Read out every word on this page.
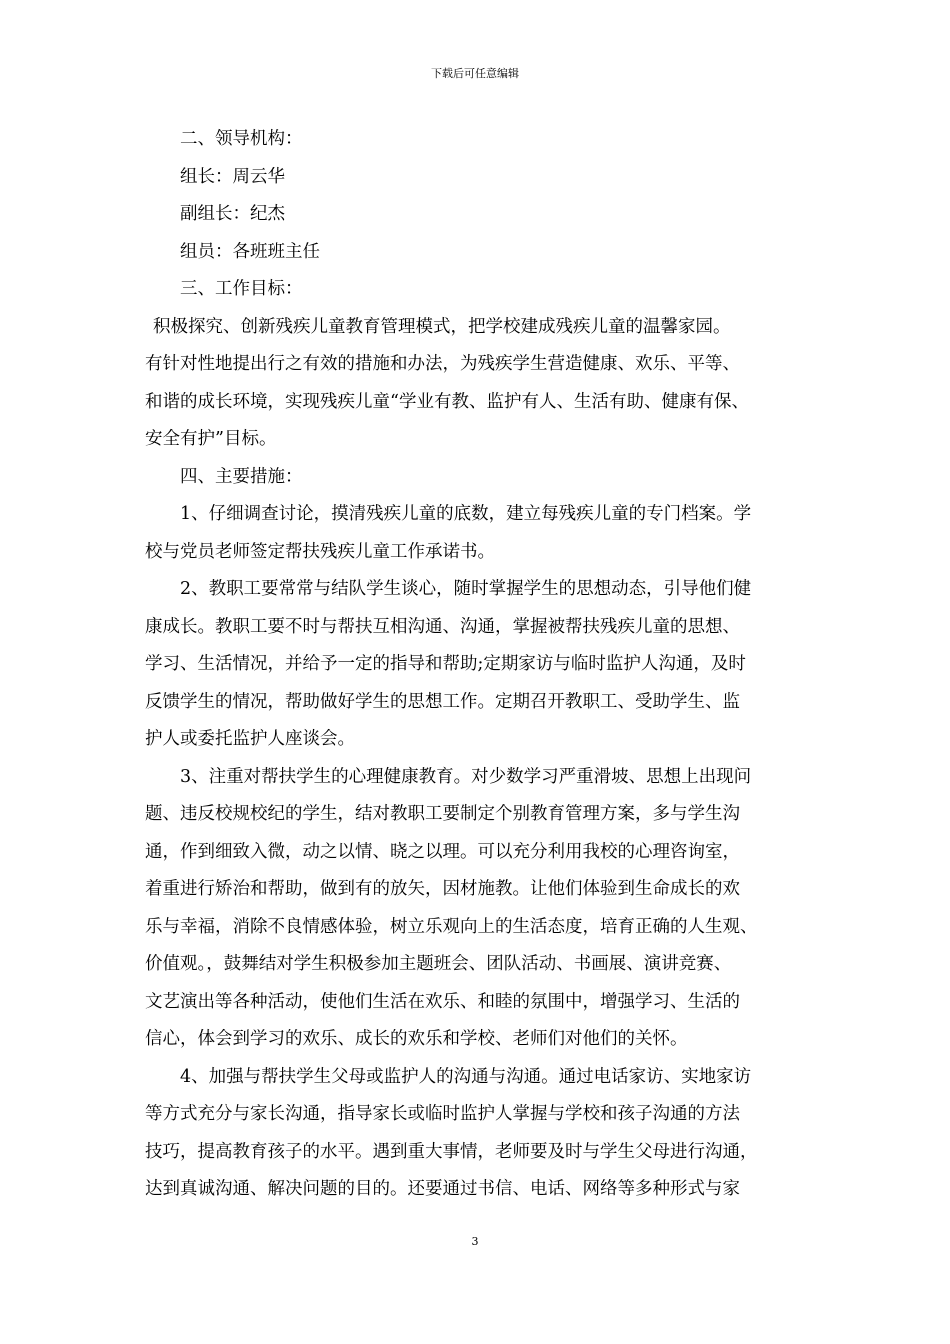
下载后可任意编辑
二、领导机构：
组长：周云华
副组长：纪杰
组员：各班班主任
三、工作目标：
积极探究、创新残疾儿童教育管理模式，把学校建成残疾儿童的温馨家园。
有针对性地提出行之有效的措施和办法，为残疾学生营造健康、欢乐、平等、
和谐的成长环境，实现残疾儿童“学业有教、监护有人、生活有助、健康有保、
安全有护”目标。
四、主要措施：
1、仔细调查讨论，摸清残疾儿童的底数，建立每残疾儿童的专门档案。学
校与党员老师签定帮扶残疾儿童工作承诺书。
2、教职工要常常与结队学生谈心，随时掌握学生的思想动态，引导他们健
康成长。教职工要不时与帮扶互相沟通、沟通，掌握被帮扶残疾儿童的思想、
学习、生活情况，并给予一定的指导和帮助;定期家访与临时监护人沟通，及时
反馈学生的情况，帮助做好学生的思想工作。定期召开教职工、受助学生、监
护人或委托监护人座谈会。
3、注重对帮扶学生的心理健康教育。对少数学习严重滑坡、思想上出现问
题、违反校规校纪的学生，结对教职工要制定个别教育管理方案，多与学生沟
通，作到细致入微，动之以情、晓之以理。可以充分利用我校的心理咨询室，
着重进行矫治和帮助，做到有的放矢，因材施教。让他们体验到生命成长的欢
乐与幸福，消除不良情感体验，树立乐观向上的生活态度，培育正确的人生观、
价值观。，鼓舞结对学生积极参加主题班会、团队活动、书画展、演讲竞赛、
文艺演出等各种活动，使他们生活在欢乐、和睦的氛围中，增强学习、生活的
信心，体会到学习的欢乐、成长的欢乐和学校、老师们对他们的关怀。
4、加强与帮扶学生父母或监护人的沟通与沟通。通过电话家访、实地家访
等方式充分与家长沟通，指导家长或临时监护人掌握与学校和孩子沟通的方法
技巧，提高教育孩子的水平。遇到重大事情，老师要及时与学生父母进行沟通，
达到真诚沟通、解决问题的目的。还要通过书信、电话、网络等多种形式与家
3
